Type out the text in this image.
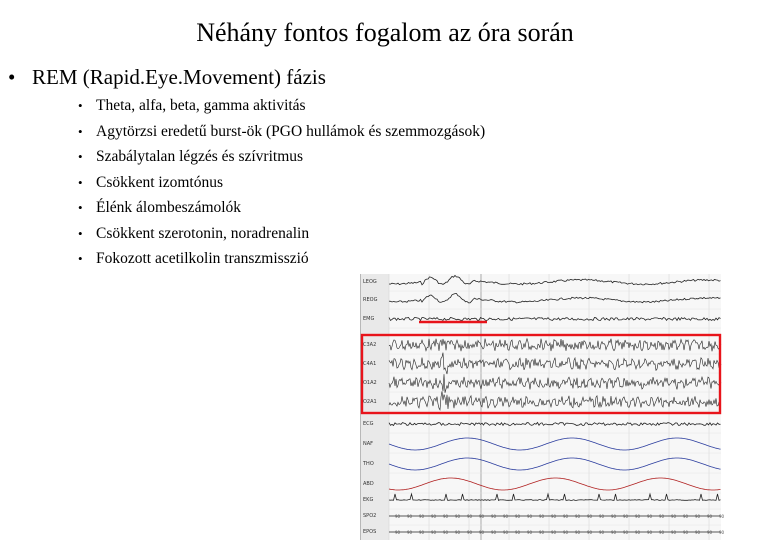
Néhány fontos fogalom az óra során
• REM (Rapid.Eye.Movement) fázis
• Theta, alfa, beta, gamma aktivitás
• Agytörzsi eredetű burst-ök (PGO hullámok és szemmozgások)
• Szabálytalan légzés és szívritmus
• Csökkent izomtónus
• Élénk álombeszámolók
• Csökkent szerotonin, noradrenalin
• Fokozott acetilkolin transzmisszió
90 90 90 90 90 90 90 90 90 90 90 90 90 90 90 90 90 90 90 90 90 90 90 90 90 90 90 90
90 90 90 90 90 90 90 90 90 90 90 90 90 90 90 90 90 90 90 90 90 90 90 90 90 90 90 90
LEOG
REOG
EMG
C3A2
C4A1
O1A2
O2A1
ECG
NAF
THO
ABD
EKG
SPO2
EPOS
